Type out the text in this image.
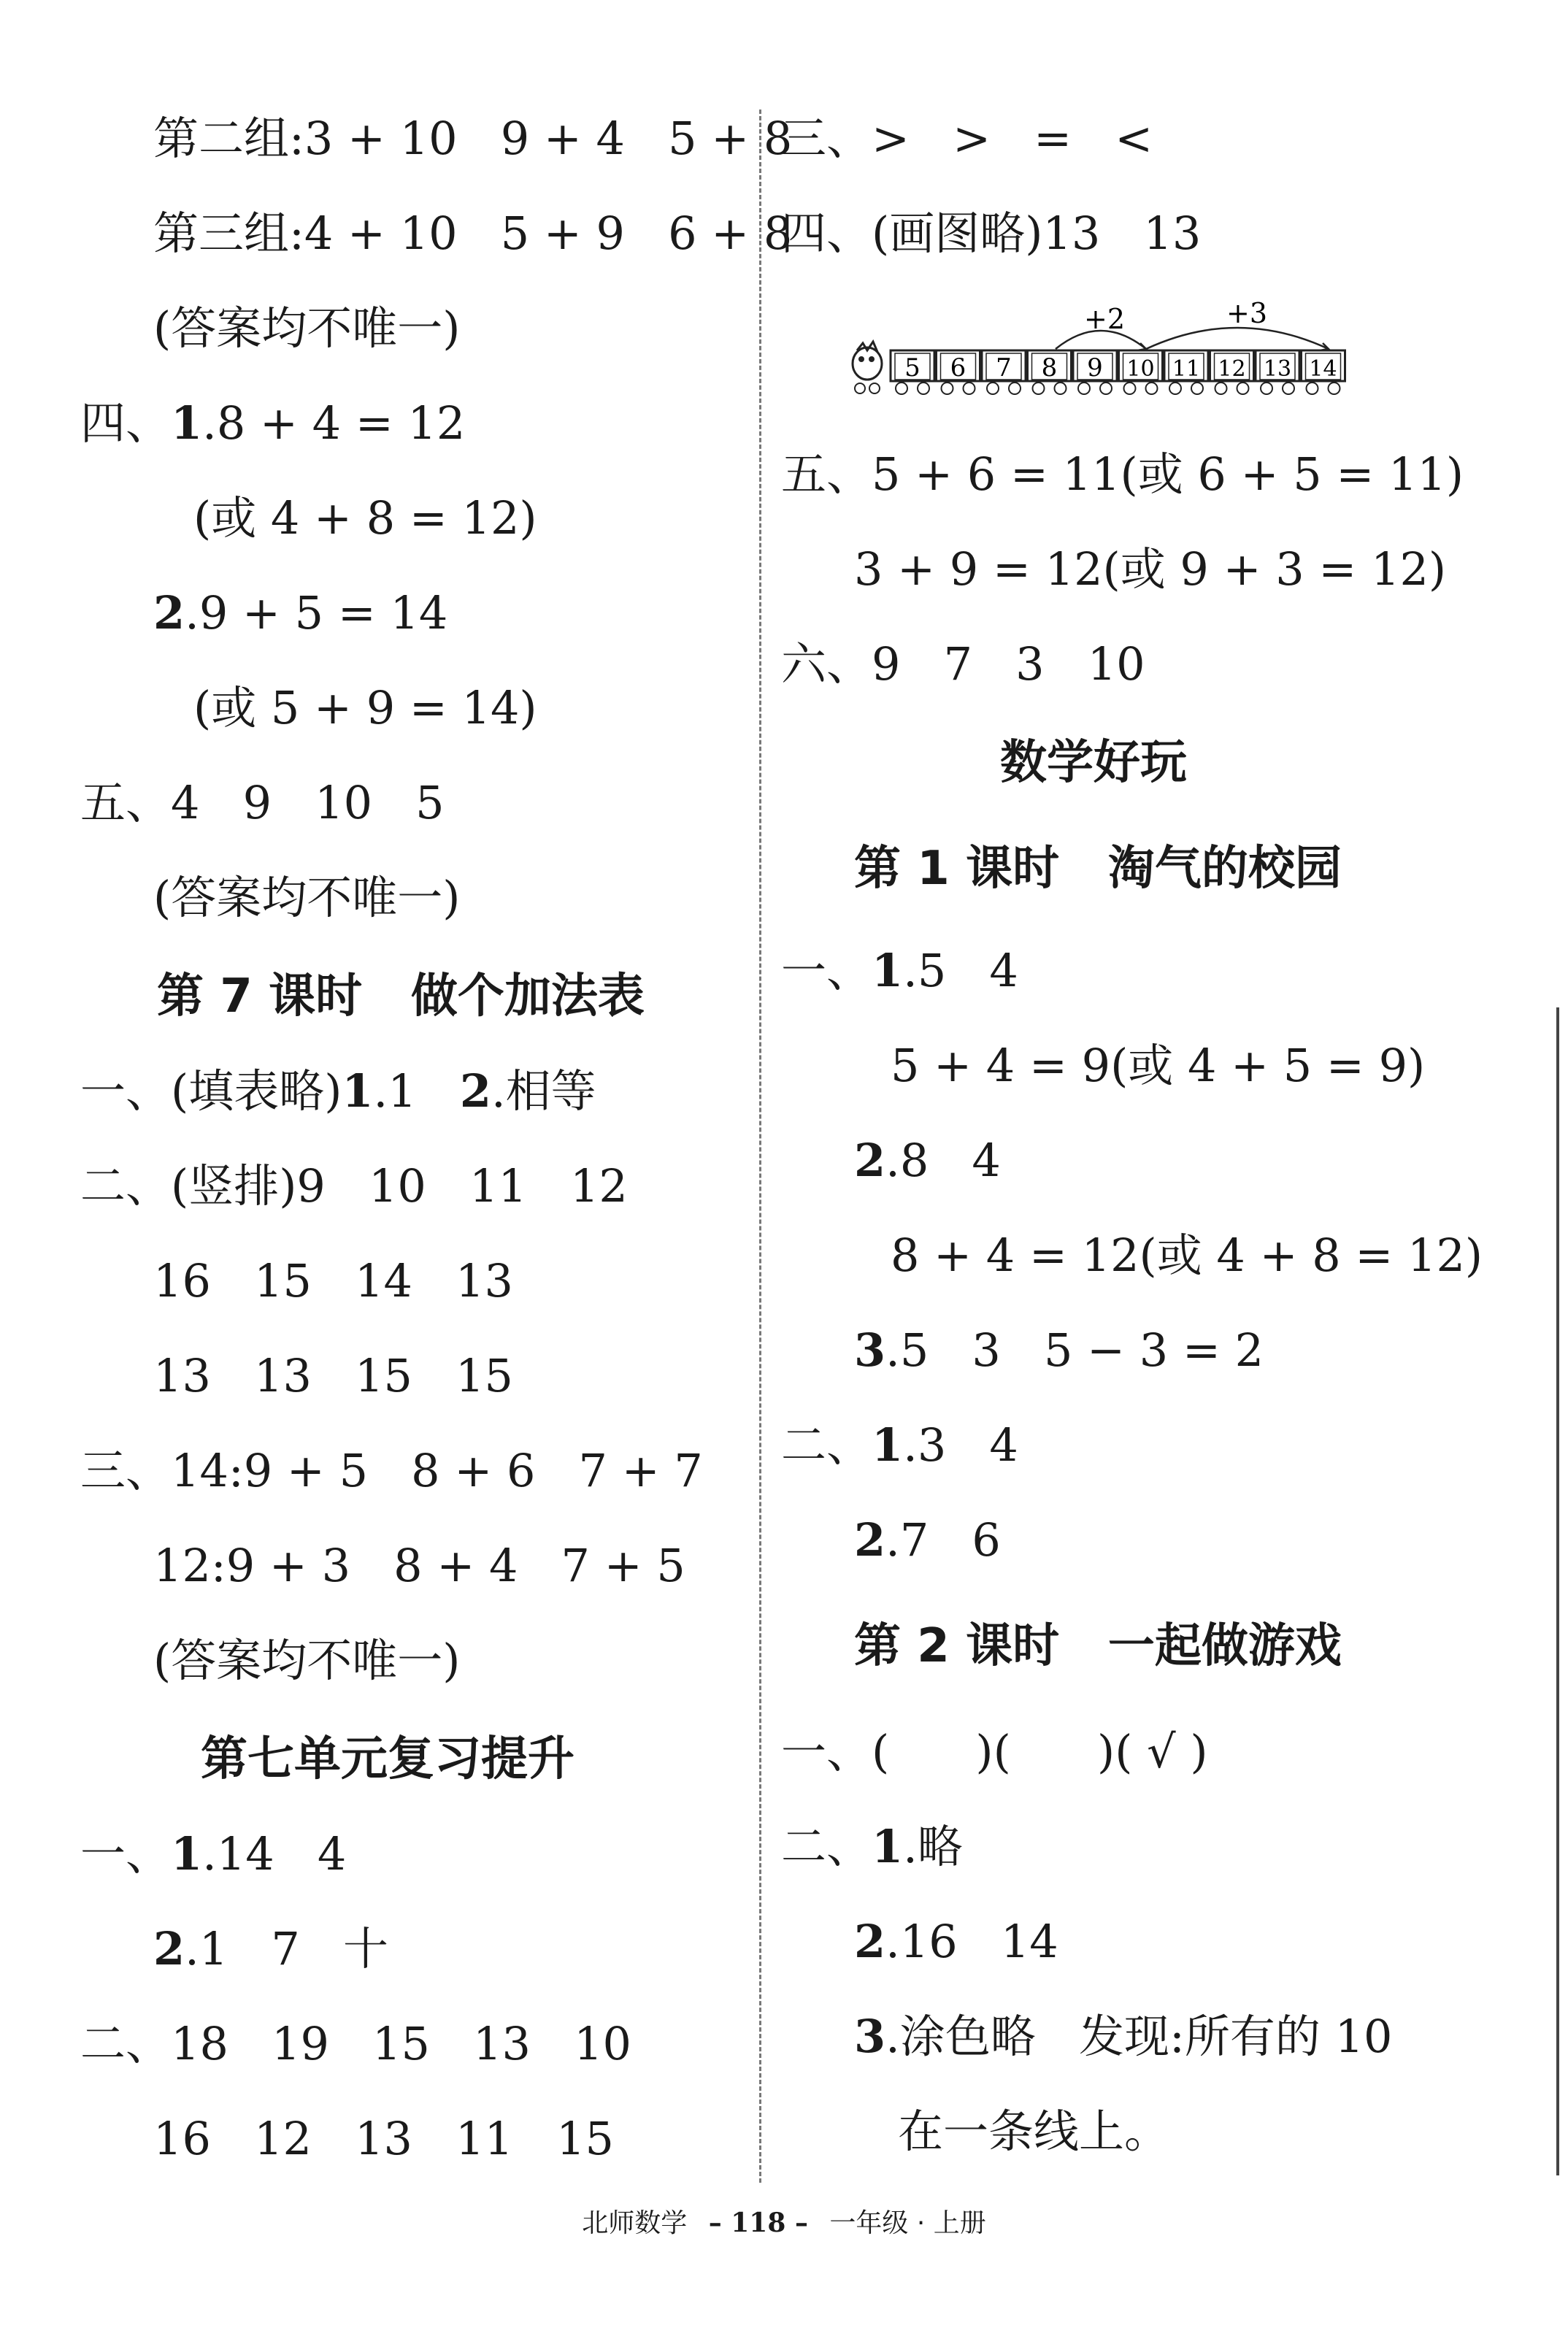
第二组:3 + 10   9 + 4   5 + 8
第三组:4 + 10   5 + 9   6 + 8
(答案均不唯一)
四、1.8 + 4 = 12
(或 4 + 8 = 12)
2.9 + 5 = 14
(或 5 + 9 = 14)
五、4   9   10   5
(答案均不唯一)
第 7 课时   做个加法表
一、(填表略)1.1   2.相等
二、(竖排)9   10   11   12
16   15   14   13
13   13   15   15
三、14:9 + 5   8 + 6   7 + 7
12:9 + 3   8 + 4   7 + 5
(答案均不唯一)
第七单元复习提升
一、1.14   4
2.1   7   十
二、18   19   15   13   10
16   12   13   11   15
三、>   >   =   <
四、(画图略)13   13
五、5 + 6 = 11(或 6 + 5 = 11)
3 + 9 = 12(或 9 + 3 = 12)
六、9   7   3   10
数学好玩
第 1 课时   淘气的校园
一、1.5   4
5 + 4 = 9(或 4 + 5 = 9)
2.8   4
8 + 4 = 12(或 4 + 8 = 12)
3.5   3   5 − 3 = 2
二、1.3   4
2.7   6
第 2 课时   一起做游戏
一、(      )(      )( √ )
二、1.略
2.16   14
3.涂色略   发现:所有的 10
在一条线上。
5 6 7 8 9 10 11 12 13 14
+2	+3
北师数学 – 118 – 一年级 · 上册
